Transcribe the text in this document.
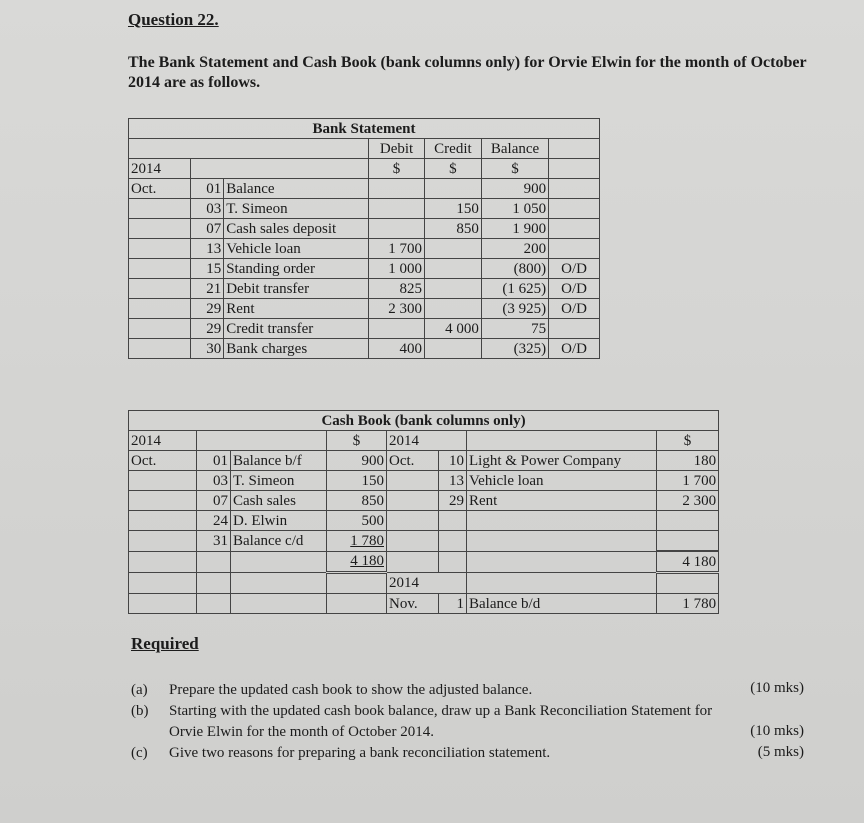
Question 22.
The Bank Statement and Cash Book (bank columns only) for Orvie Elwin for the month of October 2014 are as follows.
Bank Statement						
			Debit	Credit	Balance	
2014			$	$	$	
Oct.	01	Balance			900	
	03	T. Simeon		150	1 050	
	07	Cash sales deposit		850	1 900	
	13	Vehicle loan	1 700		200	
	15	Standing order	1 000		(800)	O/D
	21	Debit transfer	825		(1 625)	O/D
	29	Rent	2 300		(3 925)	O/D
	29	Credit transfer		4 000	75	
	30	Bank charges	400		(325)	O/D
Cash Book (bank columns only)							
2014			$	2014			$
Oct.	01	Balance b/f	900	Oct.	10	Light & Power Company	180
	03	T. Simeon	150		13	Vehicle loan	1 700
	07	Cash sales	850		29	Rent	2 300
	24	D. Elwin	500				
	31	Balance c/d	1 780				
			4 180				4 180
				2014			
				Nov.	1	Balance b/d	1 780
Required
(a)	Prepare the updated cash book to show the adjusted balance.
(b)	Starting with the updated cash book balance, draw up a Bank Reconciliation Statement for Orvie Elwin for the month of October 2014.
(c)	Give two reasons for preparing a bank reconciliation statement.
(10 mks)
(10 mks)
(5 mks)
